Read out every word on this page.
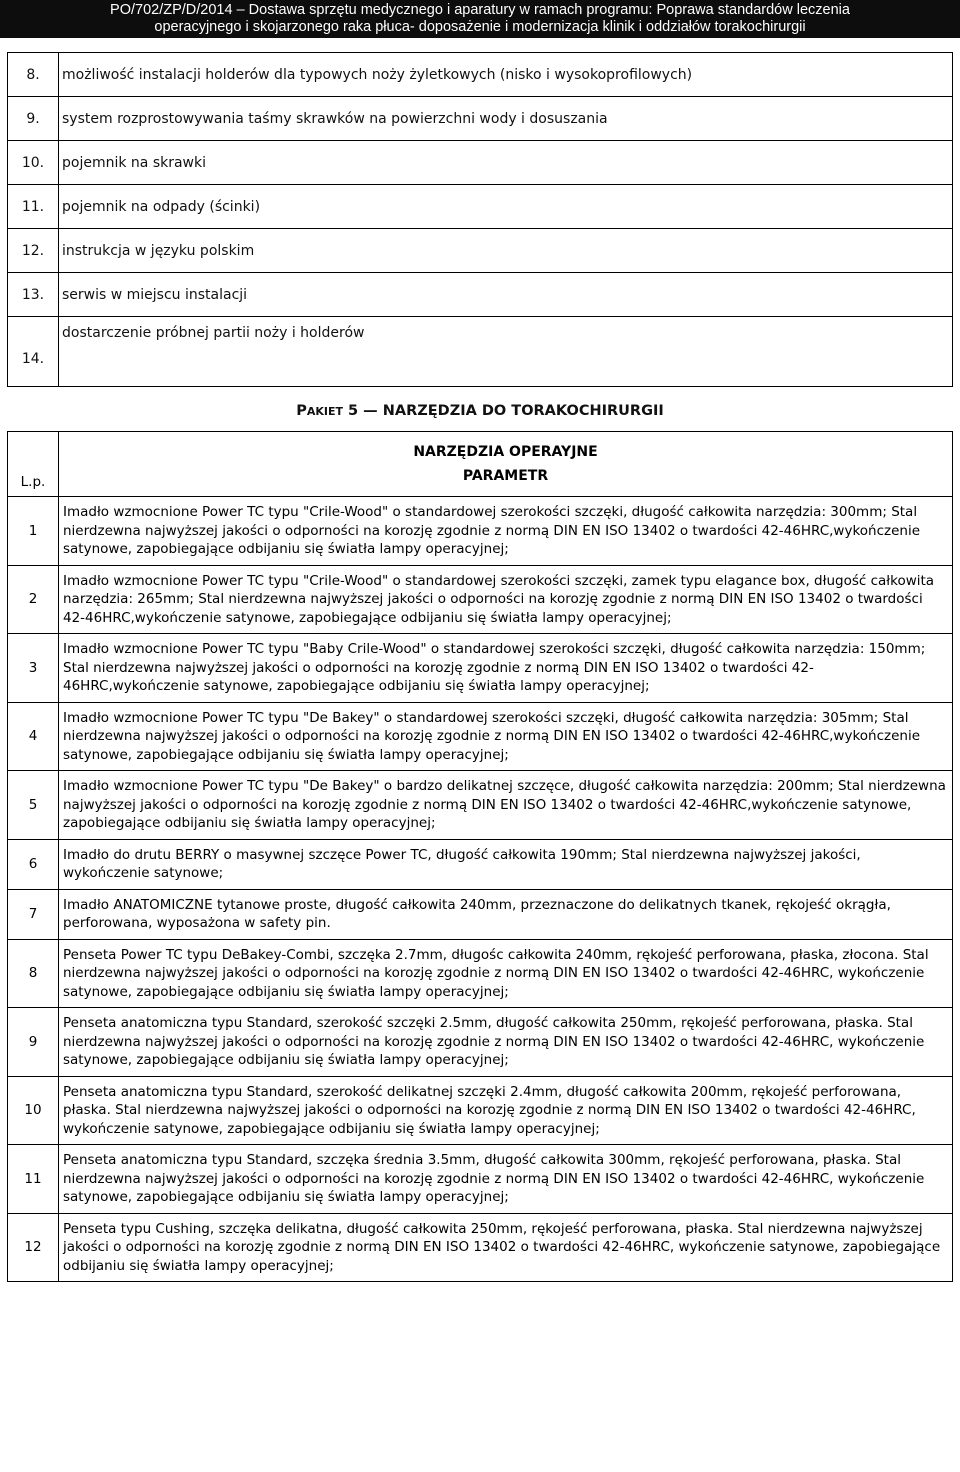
PO/702/ZP/D/2014 – Dostawa sprzętu medycznego i aparatury w ramach programu: Poprawa standardów leczenia
operacyjnego i skojarzonego raka płuca- doposażenie i modernizacja klinik i oddziałów torakochirurgii
8.	możliwość instalacji holderów dla typowych noży żyletkowych (nisko i wysokoprofilowych)
9.	system rozprostowywania taśmy skrawków na powierzchni wody i dosuszania
10.	pojemnik na skrawki
11.	pojemnik na odpady (ścinki)
12.	instrukcja w języku polskim
13.	serwis w miejscu instalacji
14.	dostarczenie próbnej partii noży i holderów
PAKIET 5 — NARZĘDZIA DO TORAKOCHIRURGII
L.p.	NARZĘDZIA OPERAYJNE
PARAMETR

1	Imadło wzmocnione Power TC typu "Crile-Wood" o standardowej szerokości szczęki, długość całkowita narzędzia: 300mm; Stal nierdzewna najwyższej jakości o odporności na korozję zgodnie z normą DIN EN ISO 13402 o twardości 42-46HRC,wykończenie satynowe, zapobiegające odbijaniu się światła lampy operacyjnej;
2	Imadło wzmocnione Power TC typu "Crile-Wood" o standardowej szerokości szczęki, zamek typu elagance box, długość całkowita narzędzia: 265mm; Stal nierdzewna najwyższej jakości o odporności na korozję zgodnie z normą DIN EN ISO 13402 o twardości 42-46HRC,wykończenie satynowe, zapobiegające odbijaniu się światła lampy operacyjnej;
3	Imadło wzmocnione Power TC typu "Baby Crile-Wood" o standardowej szerokości szczęki, długość całkowita narzędzia: 150mm; Stal nierdzewna najwyższej jakości o odporności na korozję zgodnie z normą DIN EN ISO 13402 o twardości 42-46HRC,wykończenie satynowe, zapobiegające odbijaniu się światła lampy operacyjnej;
4	Imadło wzmocnione Power TC typu "De Bakey" o standardowej szerokości szczęki, długość całkowita narzędzia: 305mm; Stal nierdzewna najwyższej jakości o odporności na korozję zgodnie z normą DIN EN ISO 13402 o twardości 42-46HRC,wykończenie satynowe, zapobiegające odbijaniu się światła lampy operacyjnej;
5	Imadło wzmocnione Power TC typu "De Bakey" o bardzo delikatnej szczęce, długość całkowita narzędzia: 200mm; Stal nierdzewna najwyższej jakości o odporności na korozję zgodnie z normą DIN EN ISO 13402 o twardości 42-46HRC,wykończenie satynowe, zapobiegające odbijaniu się światła lampy operacyjnej;
6	Imadło do drutu BERRY o masywnej szczęce Power TC, długość całkowita 190mm; Stal nierdzewna najwyższej jakości, wykończenie satynowe;
7	Imadło ANATOMICZNE tytanowe proste, długość całkowita 240mm, przeznaczone do delikatnych tkanek, rękojeść okrągła, perforowana, wyposażona w safety pin.
8	Penseta Power TC typu DeBakey-Combi, szczęka 2.7mm, długośc całkowita 240mm, rękojeść perforowana, płaska, złocona. Stal nierdzewna najwyższej jakości o odporności na korozję zgodnie z normą DIN EN ISO 13402 o twardości 42-46HRC, wykończenie satynowe, zapobiegające odbijaniu się światła lampy operacyjnej;
9	Penseta anatomiczna typu Standard, szerokość szczęki 2.5mm, długość całkowita 250mm, rękojeść perforowana, płaska. Stal nierdzewna najwyższej jakości o odporności na korozję zgodnie z normą DIN EN ISO 13402 o twardości 42-46HRC, wykończenie satynowe, zapobiegające odbijaniu się światła lampy operacyjnej;
10	Penseta anatomiczna typu Standard, szerokość delikatnej szczęki 2.4mm, długość całkowita 200mm, rękojeść perforowana, płaska. Stal nierdzewna najwyższej jakości o odporności na korozję zgodnie z normą DIN EN ISO 13402 o twardości 42-46HRC, wykończenie satynowe, zapobiegające odbijaniu się światła lampy operacyjnej;
11	Penseta anatomiczna typu Standard, szczęka średnia 3.5mm, długość całkowita 300mm, rękojeść perforowana, płaska. Stal nierdzewna najwyższej jakości o odporności na korozję zgodnie z normą DIN EN ISO 13402 o twardości 42-46HRC, wykończenie satynowe, zapobiegające odbijaniu się światła lampy operacyjnej;
12	Penseta typu Cushing, szczęka delikatna, długość całkowita 250mm, rękojeść perforowana, płaska. Stal nierdzewna najwyższej jakości o odporności na korozję zgodnie z normą DIN EN ISO 13402 o twardości 42-46HRC, wykończenie satynowe, zapobiegające odbijaniu się światła lampy operacyjnej;
